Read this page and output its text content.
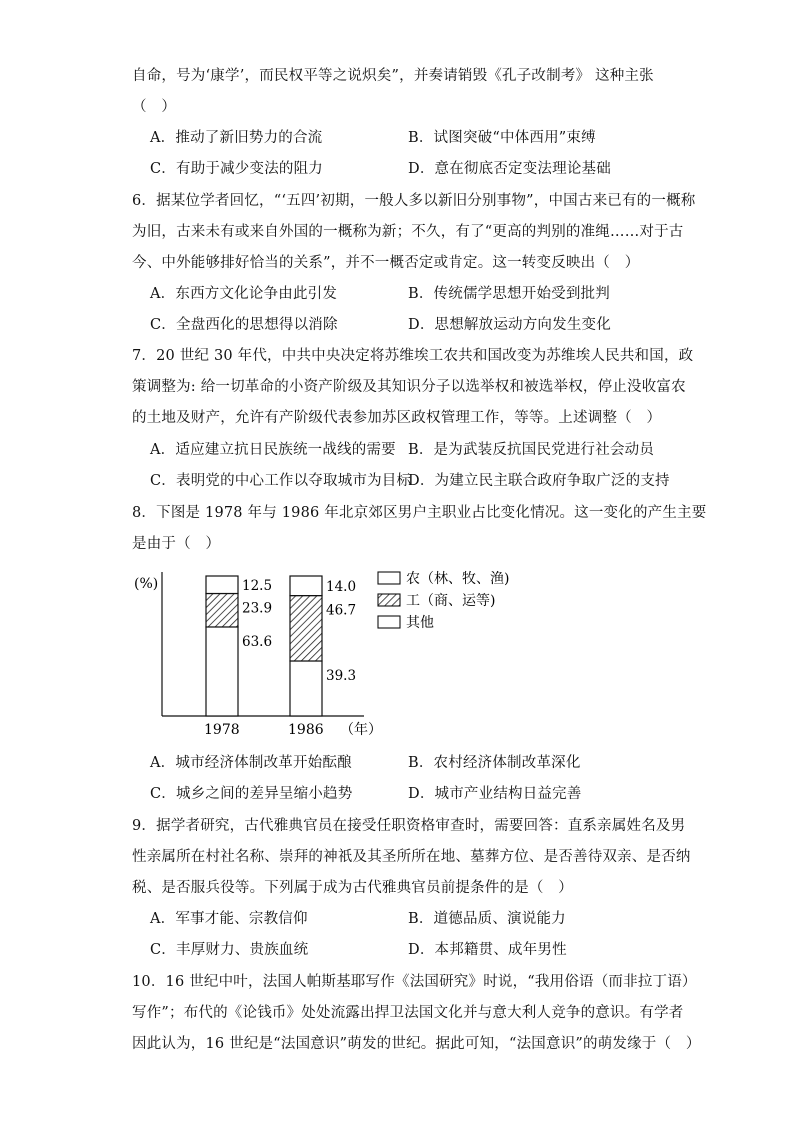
自命，号为‘康学’，而民权平等之说炽矣”，并奏请销毁《孔子改制考》 这种主张
（　）
A．推动了新旧势力的合流	B．试图突破“中体西用”束缚
C．有助于减少变法的阻力	D．意在彻底否定变法理论基础
6．据某位学者回忆，“‘五四’初期，一般人多以新旧分别事物”，中国古来已有的一概称
为旧，古来未有或来自外国的一概称为新；不久，有了“更高的判别的准绳……对于古
今、中外能够排好恰当的关系”，并不一概否定或肯定。这一转变反映出（　）
A．东西方文化论争由此引发	B．传统儒学思想开始受到批判
C．全盘西化的思想得以消除	D．思想解放运动方向发生变化
7．20 世纪 30 年代，中共中央决定将苏维埃工农共和国改变为苏维埃人民共和国，政
策调整为: 给一切革命的小资产阶级及其知识分子以选举权和被选举权，停止没收富农
的土地及财产，允许有产阶级代表参加苏区政权管理工作，等等。上述调整（　）
A．适应建立抗日民族统一战线的需要 B．是为武装反抗国民党进行社会动员
C．表明党的中心工作以夺取城市为目标
D．为建立民主联合政府争取广泛的支持
8．下图是 1978 年与 1986 年北京郊区男户主职业占比变化情况。这一变化的产生主要
是由于（　）
(%)
（年）
63.6
23.9
12.5
1978
39.3
46.7
14.0
1986
农（林、牧、渔)
工（商、运等)
其他
A．城市经济体制改革开始酝酿	B．农村经济体制改革深化
C．城乡之间的差异呈缩小趋势	D．城市产业结构日益完善
9．据学者研究，古代雅典官员在接受任职资格审查时，需要回答：直系亲属姓名及男
性亲属所在村社名称、崇拜的神祇及其圣所所在地、墓葬方位、是否善待双亲、是否纳
税、是否服兵役等。下列属于成为古代雅典官员前提条件的是（　）
A．军事才能、宗教信仰	B．道德品质、演说能力
C．丰厚财力、贵族血统	D．本邦籍贯、成年男性
10．16 世纪中叶，法国人帕斯基耶写作《法国研究》时说，“我用俗语（而非拉丁语）
写作”；布代的《论钱币》处处流露出捍卫法国文化并与意大利人竞争的意识。有学者
因此认为，16 世纪是“法国意识”萌发的世纪。据此可知，“法国意识”的萌发缘于（　）
